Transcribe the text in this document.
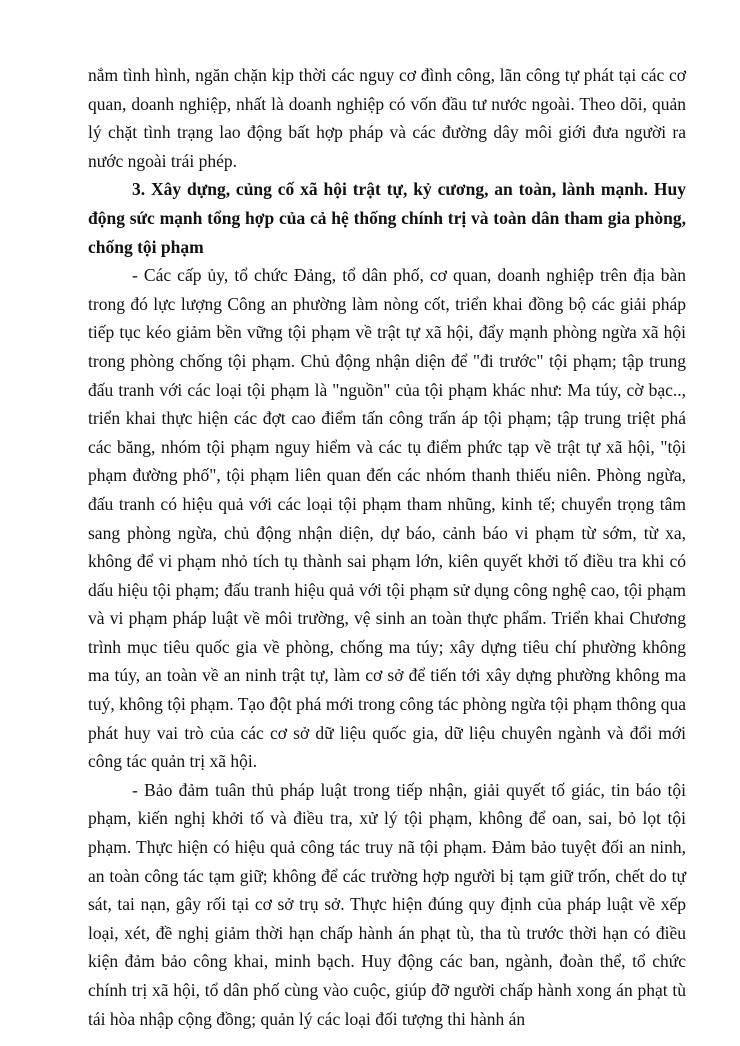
nắm tình hình, ngăn chặn kịp thời các nguy cơ đình công, lãn công tự phát tại các cơ quan, doanh nghiệp, nhất là doanh nghiệp có vốn đầu tư nước ngoài. Theo dõi, quản lý chặt tình trạng lao động bất hợp pháp và các đường dây môi giới đưa người ra nước ngoài trái phép.

3. Xây dựng, củng cố xã hội trật tự, kỷ cương, an toàn, lành mạnh. Huy động sức mạnh tổng hợp của cả hệ thống chính trị và toàn dân tham gia phòng, chống tội phạm

- Các cấp ủy, tổ chức Đảng, tổ dân phố, cơ quan, doanh nghiệp trên địa bàn trong đó lực lượng Công an phường làm nòng cốt, triển khai đồng bộ các giải pháp tiếp tục kéo giảm bền vững tội phạm về trật tự xã hội, đẩy mạnh phòng ngừa xã hội trong phòng chống tội phạm. Chủ động nhận diện để "đi trước" tội phạm; tập trung đấu tranh với các loại tội phạm là "nguồn" của tội phạm khác như: Ma túy, cờ bạc.., triển khai thực hiện các đợt cao điểm tấn công trấn áp tội phạm; tập trung triệt phá các băng, nhóm tội phạm nguy hiểm và các tụ điểm phức tạp về trật tự xã hội, "tội phạm đường phố", tội phạm liên quan đến các nhóm thanh thiếu niên. Phòng ngừa, đấu tranh có hiệu quả với các loại tội phạm tham nhũng, kinh tế; chuyển trọng tâm sang phòng ngừa, chủ động nhận diện, dự báo, cảnh báo vi phạm từ sớm, từ xa, không để vi phạm nhỏ tích tụ thành sai phạm lớn, kiên quyết khởi tố điều tra khi có dấu hiệu tội phạm; đấu tranh hiệu quả với tội phạm sử dụng công nghệ cao, tội phạm và vi phạm pháp luật về môi trường, vệ sinh an toàn thực phẩm. Triển khai Chương trình mục tiêu quốc gia về phòng, chống ma túy; xây dựng tiêu chí phường không ma túy, an toàn về an ninh trật tự, làm cơ sở để tiến tới xây dựng phường không ma tuý, không tội phạm. Tạo đột phá mới trong công tác phòng ngừa tội phạm thông qua phát huy vai trò của các cơ sở dữ liệu quốc gia, dữ liệu chuyên ngành và đổi mới công tác quản trị xã hội.

- Bảo đảm tuân thủ pháp luật trong tiếp nhận, giải quyết tố giác, tin báo tội phạm, kiến nghị khởi tố và điều tra, xử lý tội phạm, không để oan, sai, bỏ lọt tội phạm. Thực hiện có hiệu quả công tác truy nã tội phạm. Đảm bảo tuyệt đối an ninh, an toàn công tác tạm giữ; không để các trường hợp người bị tạm giữ trốn, chết do tự sát, tai nạn, gây rối tại cơ sở trụ sở. Thực hiện đúng quy định của pháp luật về xếp loại, xét, đề nghị giảm thời hạn chấp hành án phạt tù, tha tù trước thời hạn có điều kiện đảm bảo công khai, minh bạch. Huy động các ban, ngành, đoàn thể, tổ chức chính trị xã hội, tổ dân phố cùng vào cuộc, giúp đỡ người chấp hành xong án phạt tù tái hòa nhập cộng đồng; quản lý các loại đối tượng thi hành án
